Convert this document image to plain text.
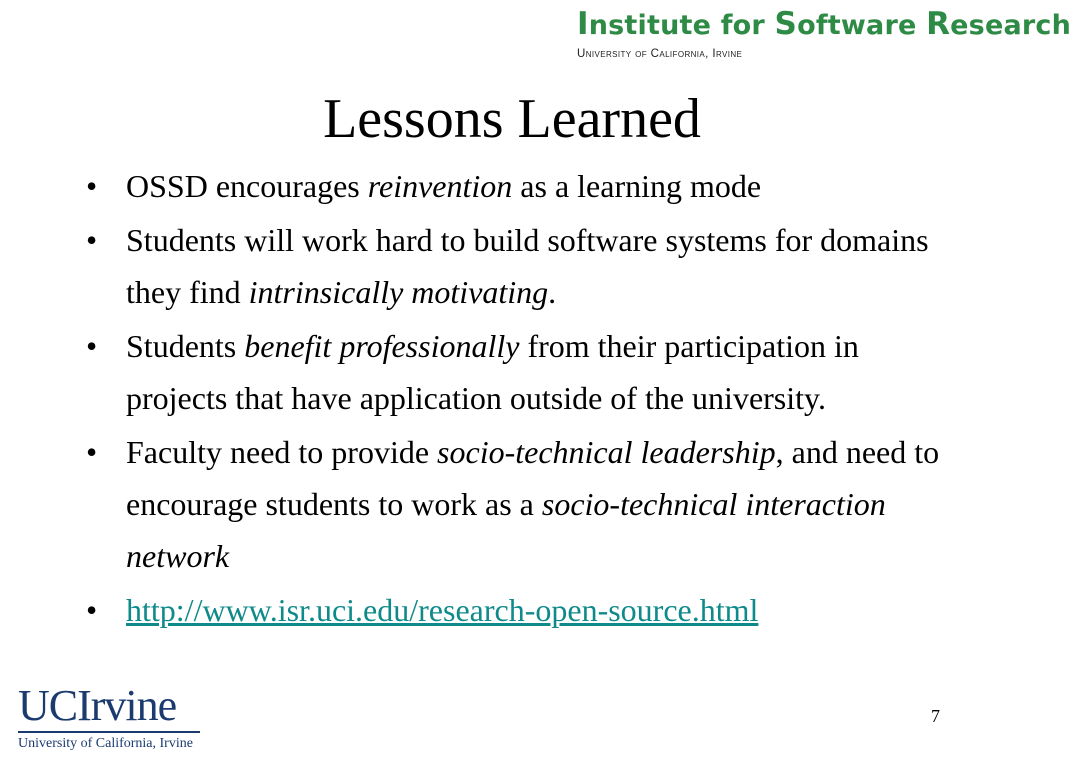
Institute for Software Research
University of California, Irvine
Lessons Learned
• OSSD encourages reinvention as a learning mode
• Students will work hard to build software systems for domains they find intrinsically motivating.
• Students benefit professionally from their participation in projects that have application outside of the university.
• Faculty need to provide socio-technical leadership, and need to encourage students to work as a socio-technical interaction network
• http://www.isr.uci.edu/research-open-source.html
UCIrvine
University of California, Irvine
7
